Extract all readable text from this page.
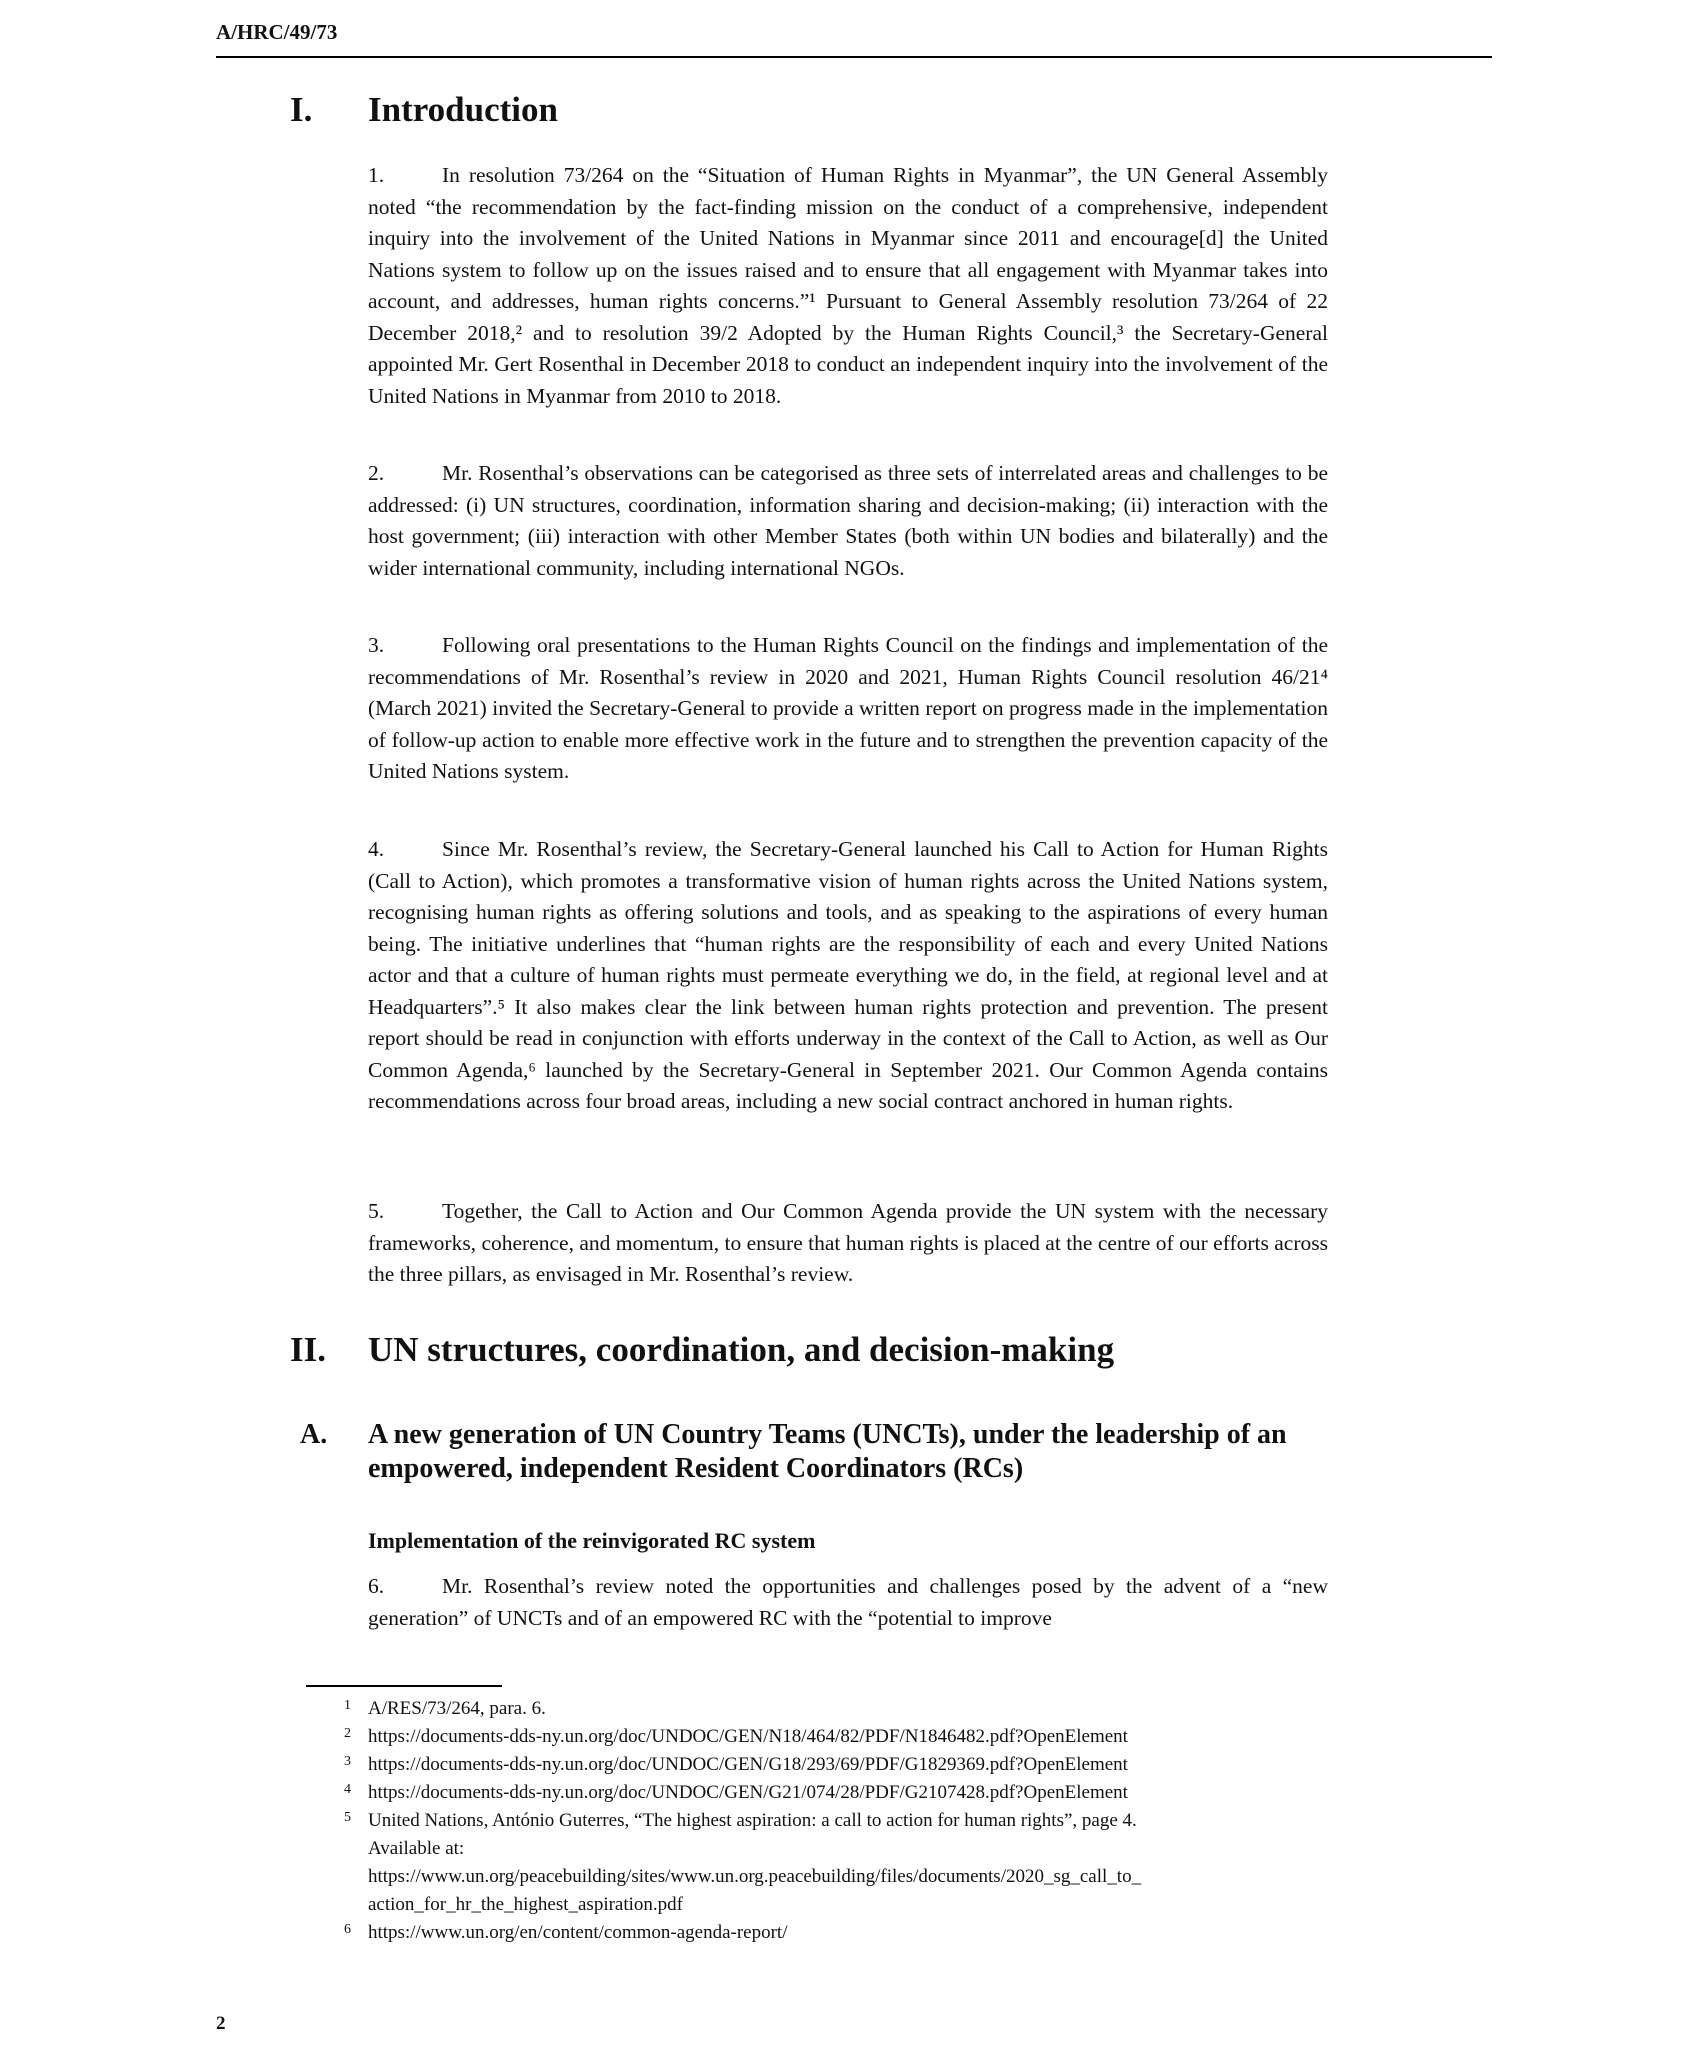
A/HRC/49/73
I.	Introduction

1.	In resolution 73/264 on the “Situation of Human Rights in Myanmar”, the UN General Assembly noted “the recommendation by the fact-finding mission on the conduct of a comprehensive, independent inquiry into the involvement of the United Nations in Myanmar since 2011 and encourage[d] the United Nations system to follow up on the issues raised and to ensure that all engagement with Myanmar takes into account, and addresses, human rights concerns.”¹ Pursuant to General Assembly resolution 73/264 of 22 December 2018,² and to resolution 39/2 Adopted by the Human Rights Council,³ the Secretary-General appointed Mr. Gert Rosenthal in December 2018 to conduct an independent inquiry into the involvement of the United Nations in Myanmar from 2010 to 2018.

2.	Mr. Rosenthal’s observations can be categorised as three sets of interrelated areas and challenges to be addressed: (i) UN structures, coordination, information sharing and decision-making; (ii) interaction with the host government; (iii) interaction with other Member States (both within UN bodies and bilaterally) and the wider international community, including international NGOs.

3.	Following oral presentations to the Human Rights Council on the findings and implementation of the recommendations of Mr. Rosenthal’s review in 2020 and 2021, Human Rights Council resolution 46/21⁴ (March 2021) invited the Secretary-General to provide a written report on progress made in the implementation of follow-up action to enable more effective work in the future and to strengthen the prevention capacity of the United Nations system.

4.	Since Mr. Rosenthal’s review, the Secretary-General launched his Call to Action for Human Rights (Call to Action), which promotes a transformative vision of human rights across the United Nations system, recognising human rights as offering solutions and tools, and as speaking to the aspirations of every human being. The initiative underlines that “human rights are the responsibility of each and every United Nations actor and that a culture of human rights must permeate everything we do, in the field, at regional level and at Headquarters”.⁵ It also makes clear the link between human rights protection and prevention. The present report should be read in conjunction with efforts underway in the context of the Call to Action, as well as Our Common Agenda,⁶ launched by the Secretary-General in September 2021. Our Common Agenda contains recommendations across four broad areas, including a new social contract anchored in human rights.

5.	Together, the Call to Action and Our Common Agenda provide the UN system with the necessary frameworks, coherence, and momentum, to ensure that human rights is placed at the centre of our efforts across the three pillars, as envisaged in Mr. Rosenthal’s review.

II.	UN structures, coordination, and decision-making
A.	A new generation of UN Country Teams (UNCTs), under the leadership of an empowered, independent Resident Coordinators (RCs)
Implementation of the reinvigorated RC system

6.	Mr. Rosenthal’s review noted the opportunities and challenges posed by the advent of a “new generation” of UNCTs and of an empowered RC with the “potential to improve

1 A/RES/73/264, para. 6.
2 https://documents-dds-ny.un.org/doc/UNDOC/GEN/N18/464/82/PDF/N1846482.pdf?OpenElement
3 https://documents-dds-ny.un.org/doc/UNDOC/GEN/G18/293/69/PDF/G1829369.pdf?OpenElement
4 https://documents-dds-ny.un.org/doc/UNDOC/GEN/G21/074/28/PDF/G2107428.pdf?OpenElement
5 United Nations, António Guterres, “The highest aspiration: a call to action for human rights”, page 4.
Available at:
https://www.un.org/peacebuilding/sites/www.un.org.peacebuilding/files/documents/2020_sg_call_to_
action_for_hr_the_highest_aspiration.pdf
6 https://www.un.org/en/content/common-agenda-report/
2
